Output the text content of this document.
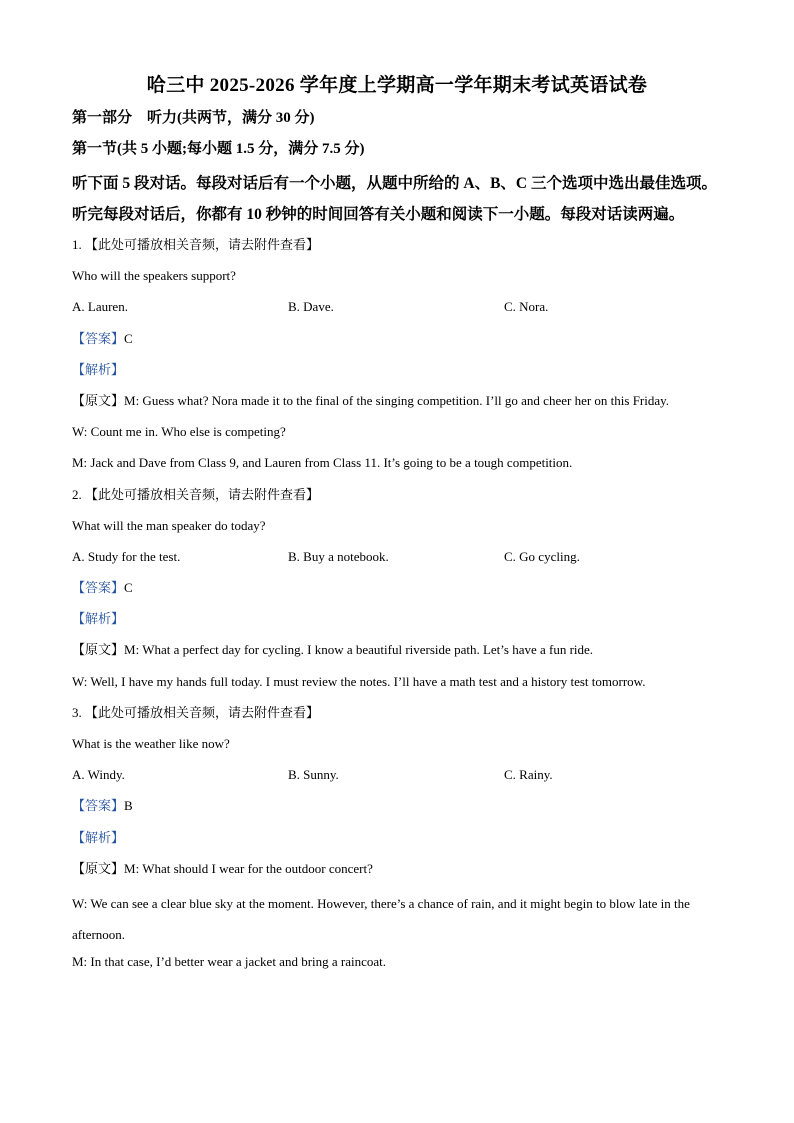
哈三中 2025-2026 学年度上学期高一学年期末考试英语试卷
第一部分　听力(共两节，满分 30 分)
第一节(共 5 小题;每小题 1.5 分，满分 7.5 分)
听下面 5 段对话。每段对话后有一个小题，从题中所给的 A、B、C 三个选项中选出最佳选项。听完每段对话后，你都有 10 秒钟的时间回答有关小题和阅读下一小题。每段对话读两遍。
1. 【此处可播放相关音频，请去附件查看】
Who will the speakers support?
A. Lauren.	B. Dave.	C. Nora.
【答案】C
【解析】
【原文】M: Guess what? Nora made it to the final of the singing competition. I’ll go and cheer her on this Friday.
W: Count me in. Who else is competing?
M: Jack and Dave from Class 9, and Lauren from Class 11. It’s going to be a tough competition.
2. 【此处可播放相关音频，请去附件查看】
What will the man speaker do today?
A. Study for the test.	B. Buy a notebook.	C. Go cycling.
【答案】C
【解析】
【原文】M: What a perfect day for cycling. I know a beautiful riverside path. Let’s have a fun ride.
W: Well, I have my hands full today. I must review the notes. I’ll have a math test and a history test tomorrow.
3. 【此处可播放相关音频，请去附件查看】
What is the weather like now?
A. Windy.	B. Sunny.	C. Rainy.
【答案】B
【解析】
【原文】M: What should I wear for the outdoor concert?
W: We can see a clear blue sky at the moment. However, there’s a chance of rain, and it might begin to blow late in the afternoon.
M: In that case, I’d better wear a jacket and bring a raincoat.
